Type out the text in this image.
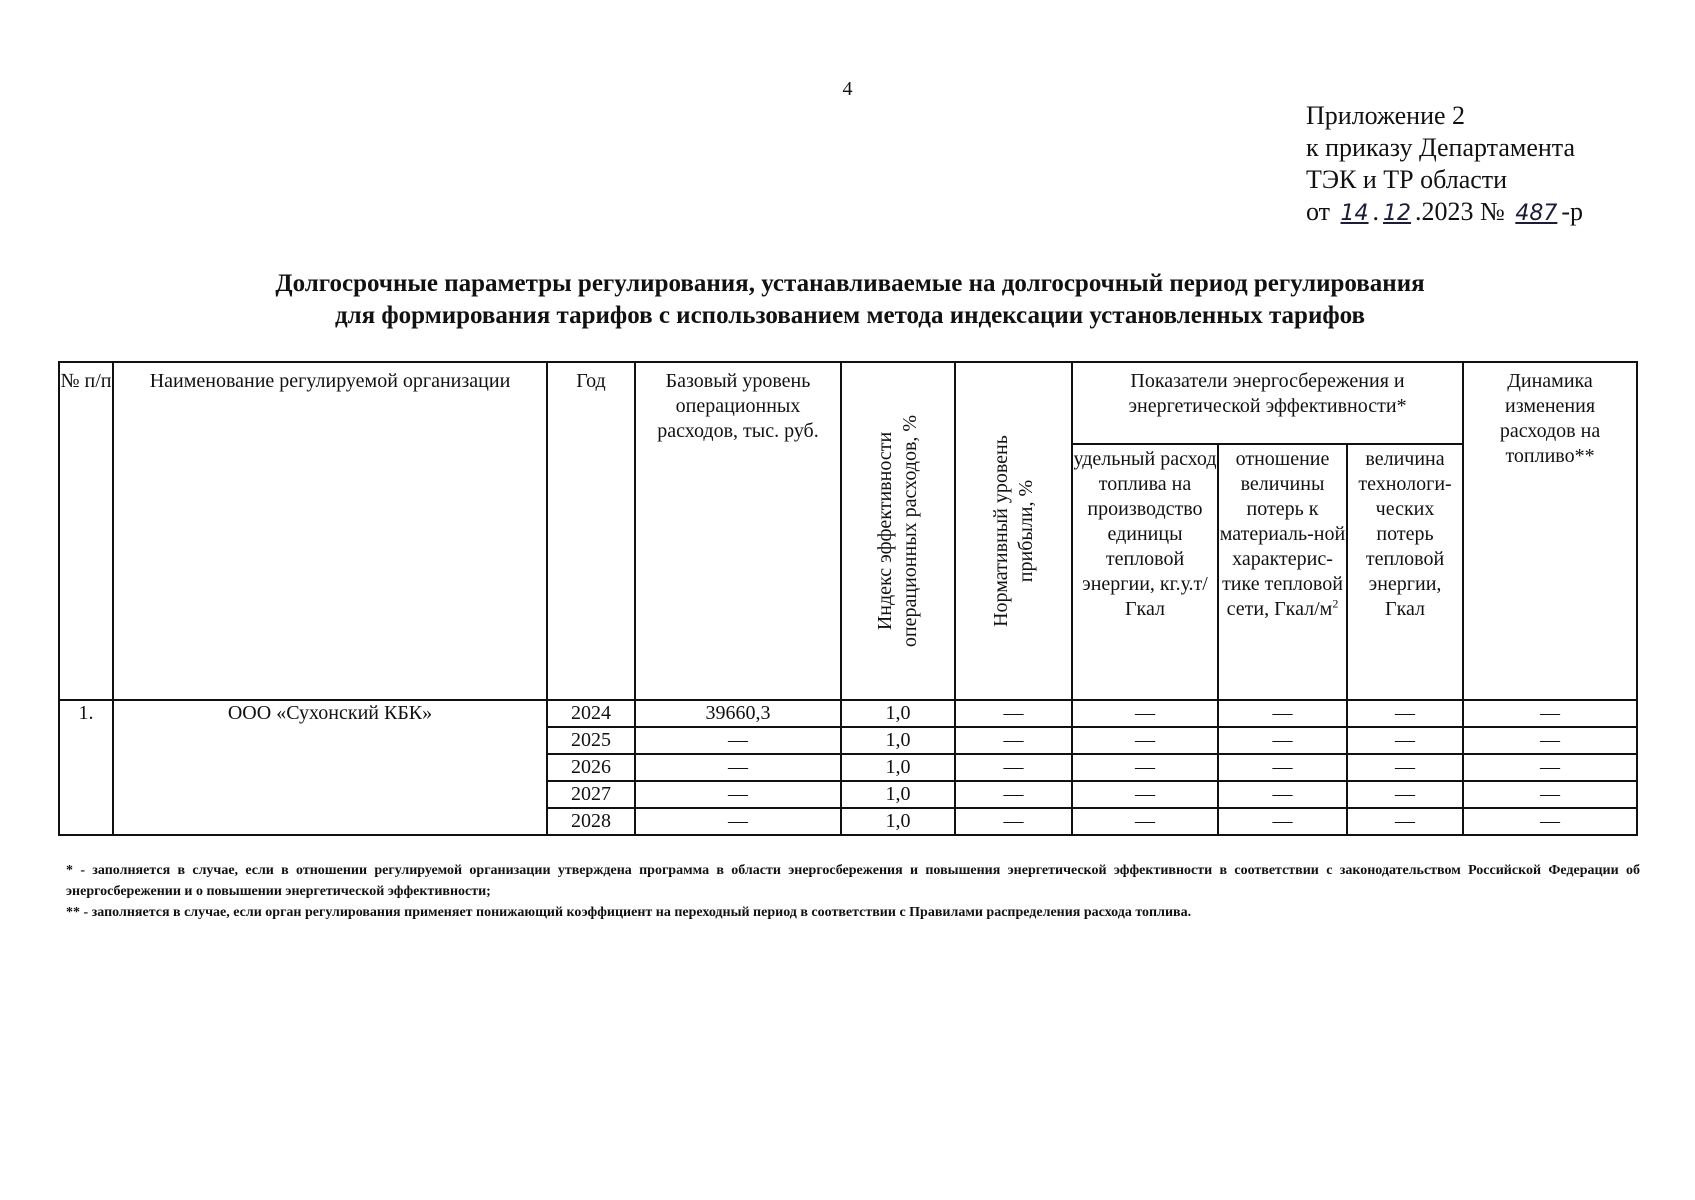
4
Приложение 2
к приказу Департамента
ТЭК и ТР области
от 14 . 12 .2023 № 487 -р
Долгосрочные параметры регулирования, устанавливаемые на долгосрочный период регулирования
для формирования тарифов с использованием метода индексации установленных тарифов
№ п/п	Наименование регулируемой организации	Год	Базовый уровень операционных расходов, тыс. руб.	Индекс эффективности операционных расходов, %	Нормативный уровень прибыли, %	Показатели энергосбережения и энергетической эффективности*			Динамика изменения расходов на топливо**
						удельный расход топлива на производство единицы тепловой энергии, кг.у.т/Гкал	отношение величины потерь к материаль-ной характерис-тике тепловой сети, Гкал/$м^2$	величина технологи-ческих потерь тепловой энергии, Гкал	
1.	ООО «Сухонский КБК»	2024	39660,3	1,0	—	—	—	—	—
		2025	—	1,0	—	—	—	—	—
		2026	—	1,0	—	—	—	—	—
		2027	—	1,0	—	—	—	—	—
		2028	—	1,0	—	—	—	—	—

* - заполняется в случае, если в отношении регулируемой организации утверждена программа в области энергосбережения и повышения энергетической эффективности в соответствии с законодательством Российской Федерации об энергосбережении и о повышении энергетической эффективности;

** - заполняется в случае, если орган регулирования применяет понижающий коэффициент на переходный период в соответствии с Правилами распределения расхода топлива.
